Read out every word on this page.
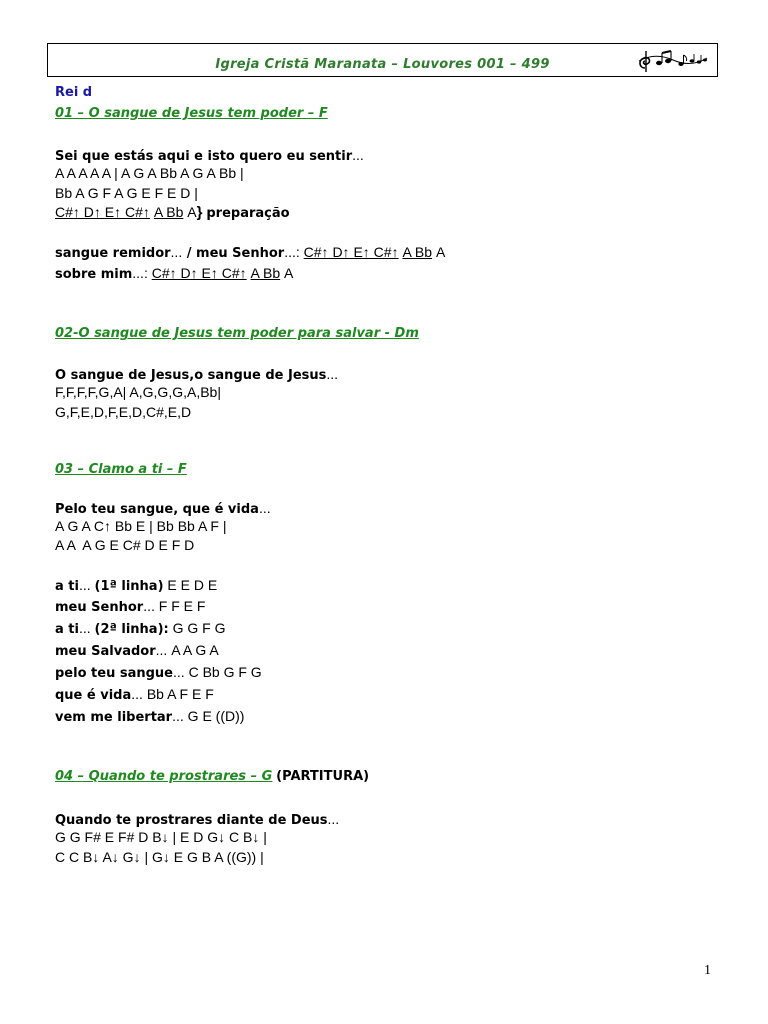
Igreja Cristã Maranata – Louvores 001 – 499
Rei d
01 – O sangue de Jesus tem poder – F
Sei que estás aqui e isto quero eu sentir...
A A A A A | A G A Bb A G A Bb |
Bb A G F A G E F E D |
C#↑ D↑ E↑ C#↑ A Bb A} preparação
sangue remidor... / meu Senhor...: C#↑ D↑ E↑ C#↑ A Bb A
sobre mim...: C#↑ D↑ E↑ C#↑ A Bb A
02-O sangue de Jesus tem poder para salvar - Dm
O sangue de Jesus,o sangue de Jesus...
F,F,F,F,G,A| A,G,G,G,A,Bb|
G,F,E,D,F,E,D,C#,E,D
03 – Clamo a ti – F
Pelo teu sangue, que é vida...
A G A C↑ Bb E | Bb Bb A F |
A A  A G E C# D E F D
a ti... (1ª linha) E E D E
meu Senhor... F F E F
a ti... (2ª linha): G G F G
meu Salvador... A A G A
pelo teu sangue... C Bb G F G
que é vida... Bb A F E F
vem me libertar... G E ((D))
04 – Quando te prostrares – G (PARTITURA)
Quando te prostrares diante de Deus...
G G F# E F# D B↓ | E D G↓ C B↓ |
C C B↓ A↓ G↓ | G↓ E G B A ((G)) |
1
